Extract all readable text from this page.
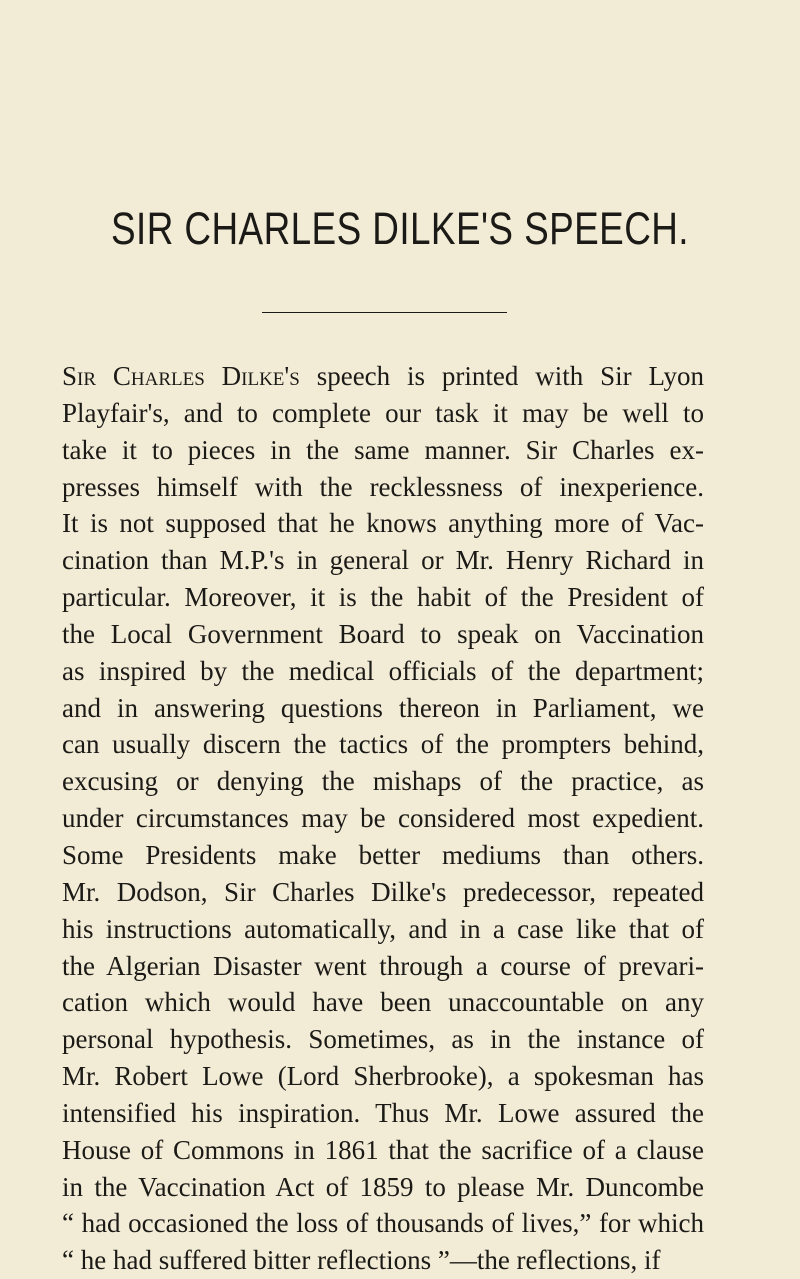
SIR CHARLES DILKE'S SPEECH.
Sir Charles Dilke's speech is printed with Sir Lyon
Playfair's, and to complete our task it may be well to
take it to pieces in the same manner. Sir Charles ex-
presses himself with the recklessness of inexperience.
It is not supposed that he knows anything more of Vac-
cination than M.P.'s in general or Mr. Henry Richard in
particular. Moreover, it is the habit of the President of
the Local Government Board to speak on Vaccination
as inspired by the medical officials of the department;
and in answering questions thereon in Parliament, we
can usually discern the tactics of the prompters behind,
excusing or denying the mishaps of the practice, as
under circumstances may be considered most expedient.
Some Presidents make better mediums than others.
Mr. Dodson, Sir Charles Dilke's predecessor, repeated
his instructions automatically, and in a case like that of
the Algerian Disaster went through a course of prevari-
cation which would have been unaccountable on any
personal hypothesis. Sometimes, as in the instance of
Mr. Robert Lowe (Lord Sherbrooke), a spokesman has
intensified his inspiration. Thus Mr. Lowe assured the
House of Commons in 1861 that the sacrifice of a clause
in the Vaccination Act of 1859 to please Mr. Duncombe
“ had occasioned the loss of thousands of lives,” for which
“ he had suffered bitter reflections ”—the reflections, if
